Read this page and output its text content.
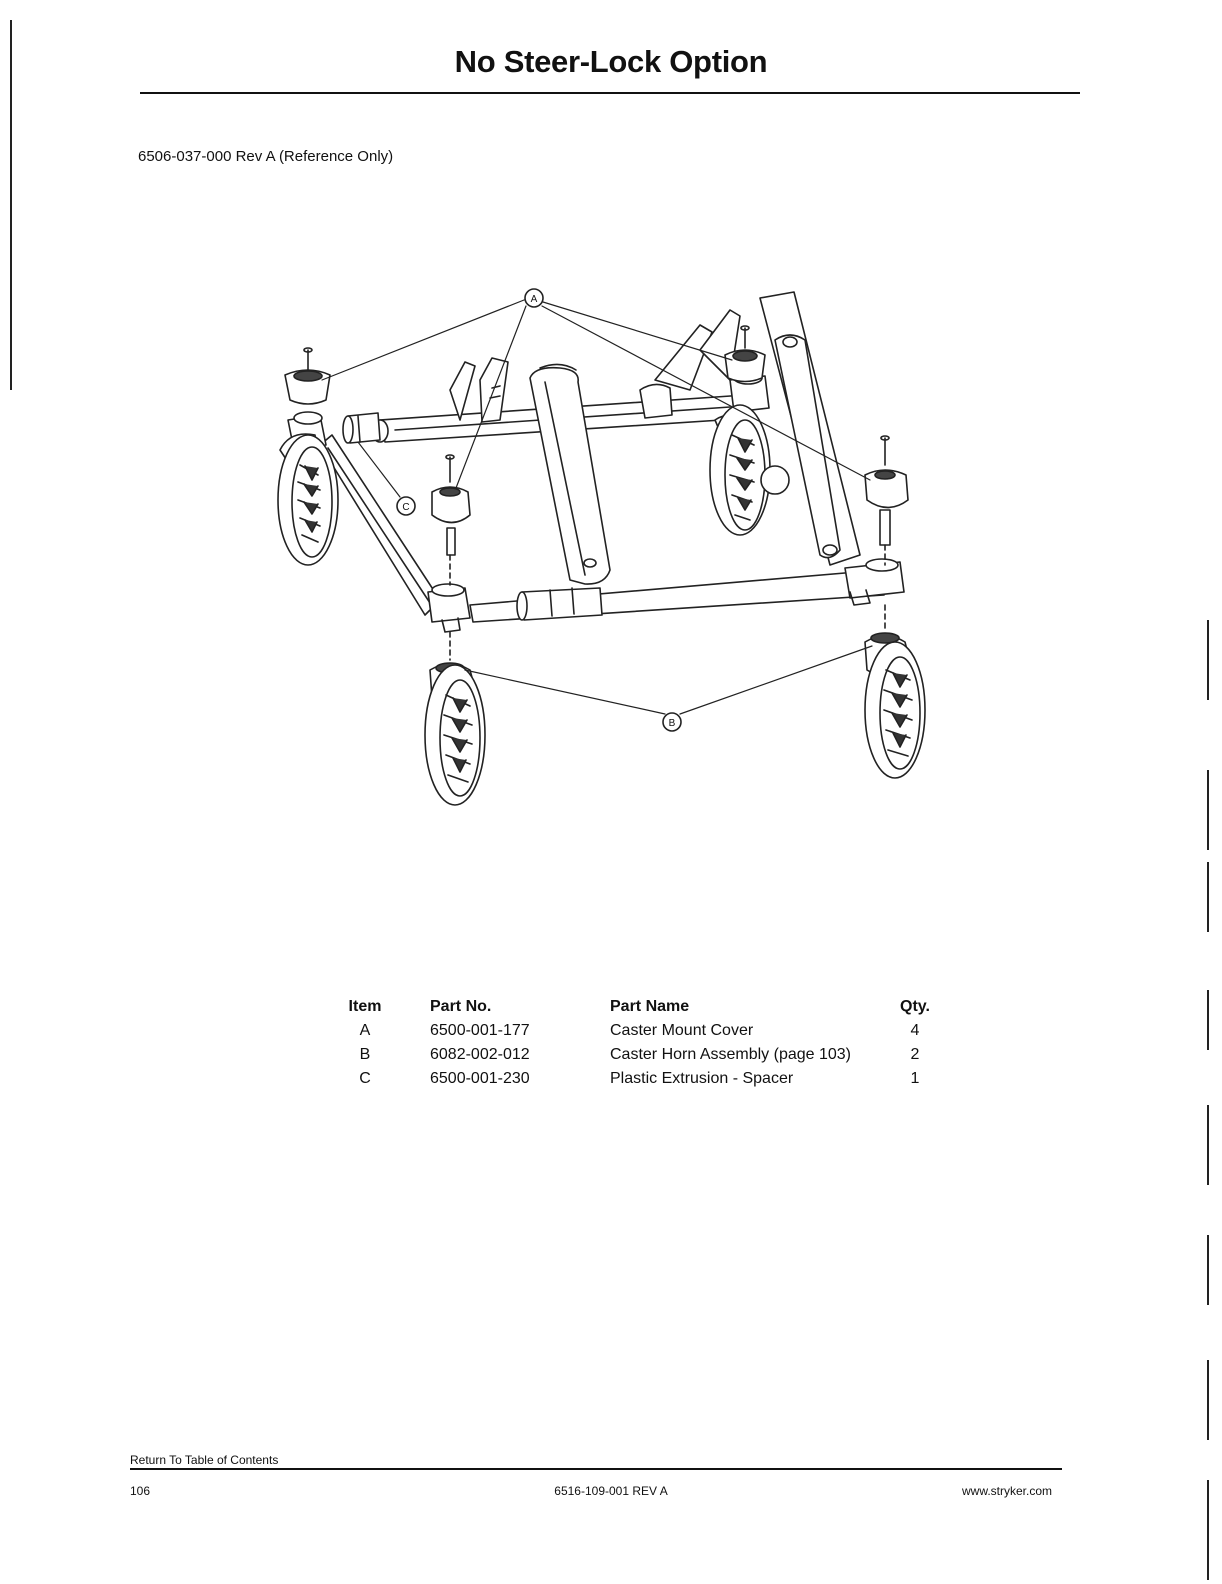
No Steer-Lock Option
6506-037-000 Rev A (Reference Only)
A
B
C
Item	Part No.	Part Name	Qty.
A	6500-001-177	Caster Mount Cover	4
B	6082-002-012	Caster Horn Assembly (page 103)	2
C	6500-001-230	Plastic Extrusion - Spacer	1
Return To Table of Contents
106	6516-109-001 REV A	www.stryker.com
